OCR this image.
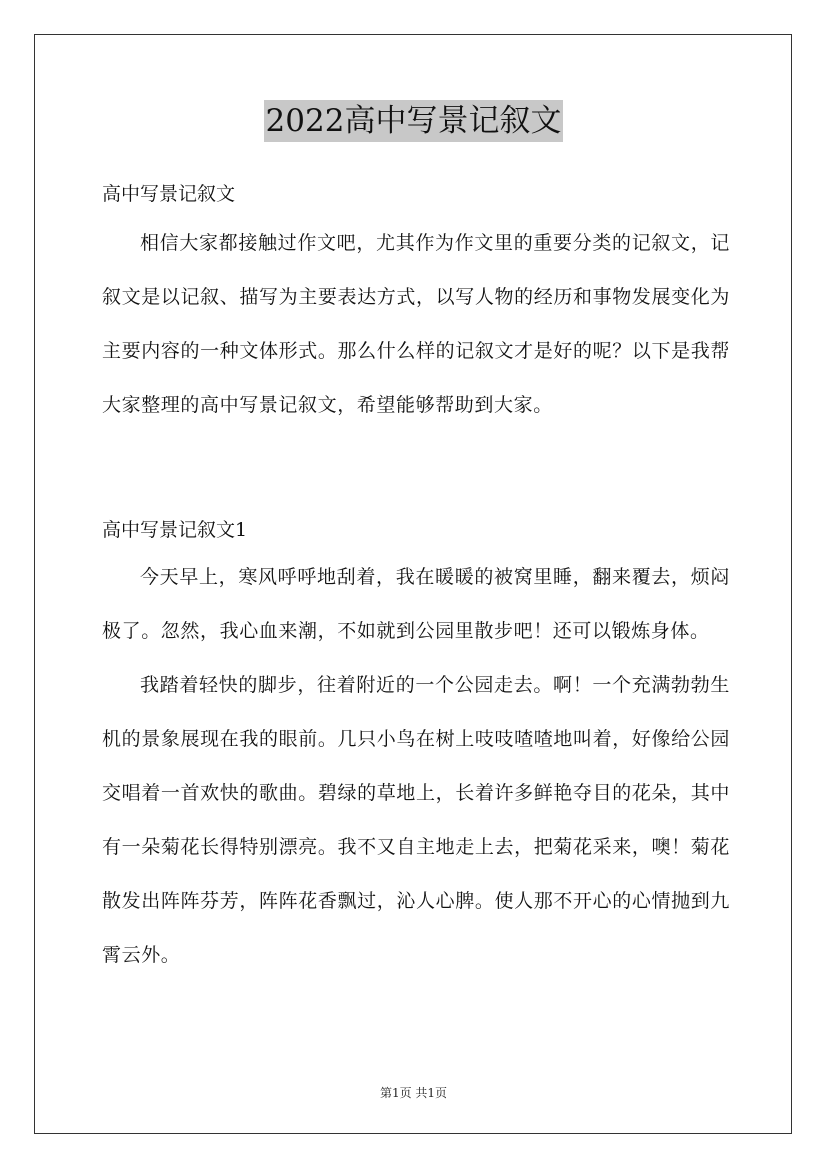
2022高中写景记叙文

高中写景记叙文

相信大家都接触过作文吧，尤其作为作文里的重要分类的记叙文，记叙文是以记叙、描写为主要表达方式，以写人物的经历和事物发展变化为主要内容的一种文体形式。那么什么样的记叙文才是好的呢？以下是我帮大家整理的高中写景记叙文，希望能够帮助到大家。

高中写景记叙文1

今天早上，寒风呼呼地刮着，我在暖暖的被窝里睡，翻来覆去，烦闷极了。忽然，我心血来潮，不如就到公园里散步吧！还可以锻炼身体。

我踏着轻快的脚步，往着附近的一个公园走去。啊！一个充满勃勃生机的景象展现在我的眼前。几只小鸟在树上吱吱喳喳地叫着，好像给公园交唱着一首欢快的歌曲。碧绿的草地上，长着许多鲜艳夺目的花朵，其中有一朵菊花长得特别漂亮。我不又自主地走上去，把菊花采来，噢！菊花散发出阵阵芬芳，阵阵花香飘过，沁人心脾。使人那不开心的心情抛到九霄云外。

第1页 共1页
